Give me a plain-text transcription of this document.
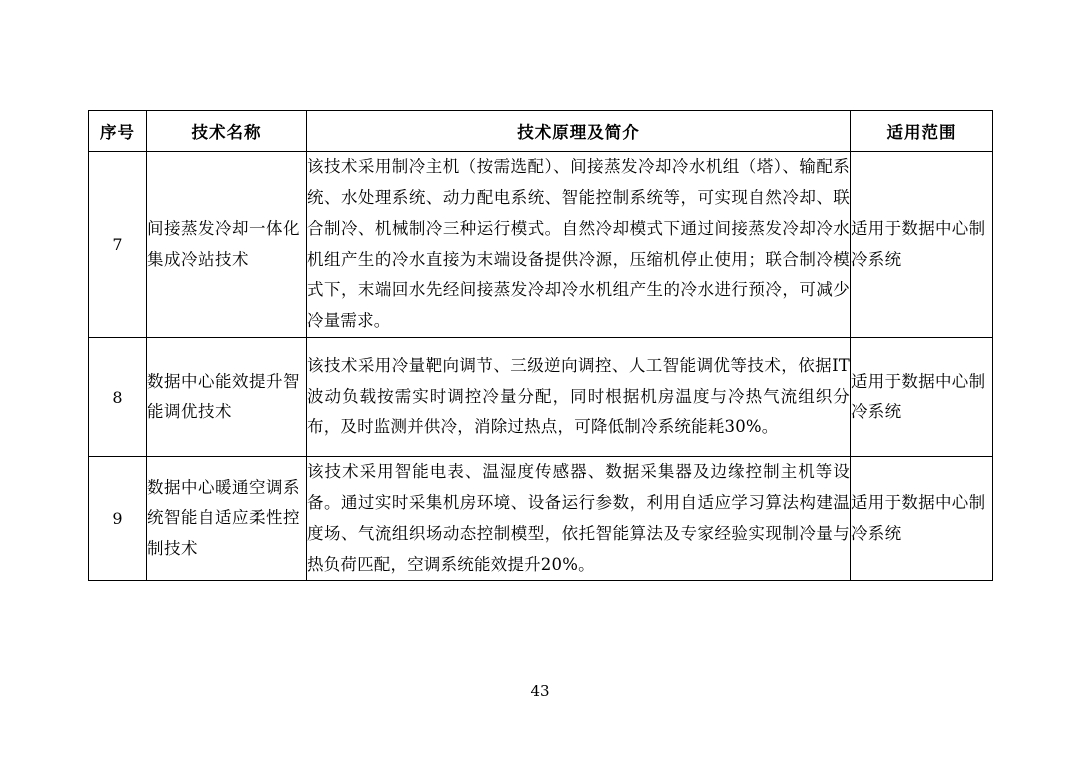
序号	技术名称	技术原理及简介	适用范围
7	间接蒸发冷却一体化集成冷站技术	该技术采用制冷主机（按需选配）、间接蒸发冷却冷水机组（塔）、输配系统、水处理系统、动力配电系统、智能控制系统等，可实现自然冷却、联合制冷、机械制冷三种运行模式。自然冷却模式下通过间接蒸发冷却冷水机组产生的冷水直接为末端设备提供冷源，压缩机停止使用；联合制冷模式下，末端回水先经间接蒸发冷却冷水机组产生的冷水进行预冷，可减少冷量需求。	适用于数据中心制冷系统
8	数据中心能效提升智能调优技术	该技术采用冷量靶向调节、三级逆向调控、人工智能调优等技术，依据IT波动负载按需实时调控冷量分配，同时根据机房温度与冷热气流组织分布，及时监测并供冷，消除过热点，可降低制冷系统能耗30%。	适用于数据中心制冷系统
9	数据中心暖通空调系统智能自适应柔性控制技术	该技术采用智能电表、温湿度传感器、数据采集器及边缘控制主机等设备。通过实时采集机房环境、设备运行参数，利用自适应学习算法构建温度场、气流组织场动态控制模型，依托智能算法及专家经验实现制冷量与热负荷匹配，空调系统能效提升20%。	适用于数据中心制冷系统
43
